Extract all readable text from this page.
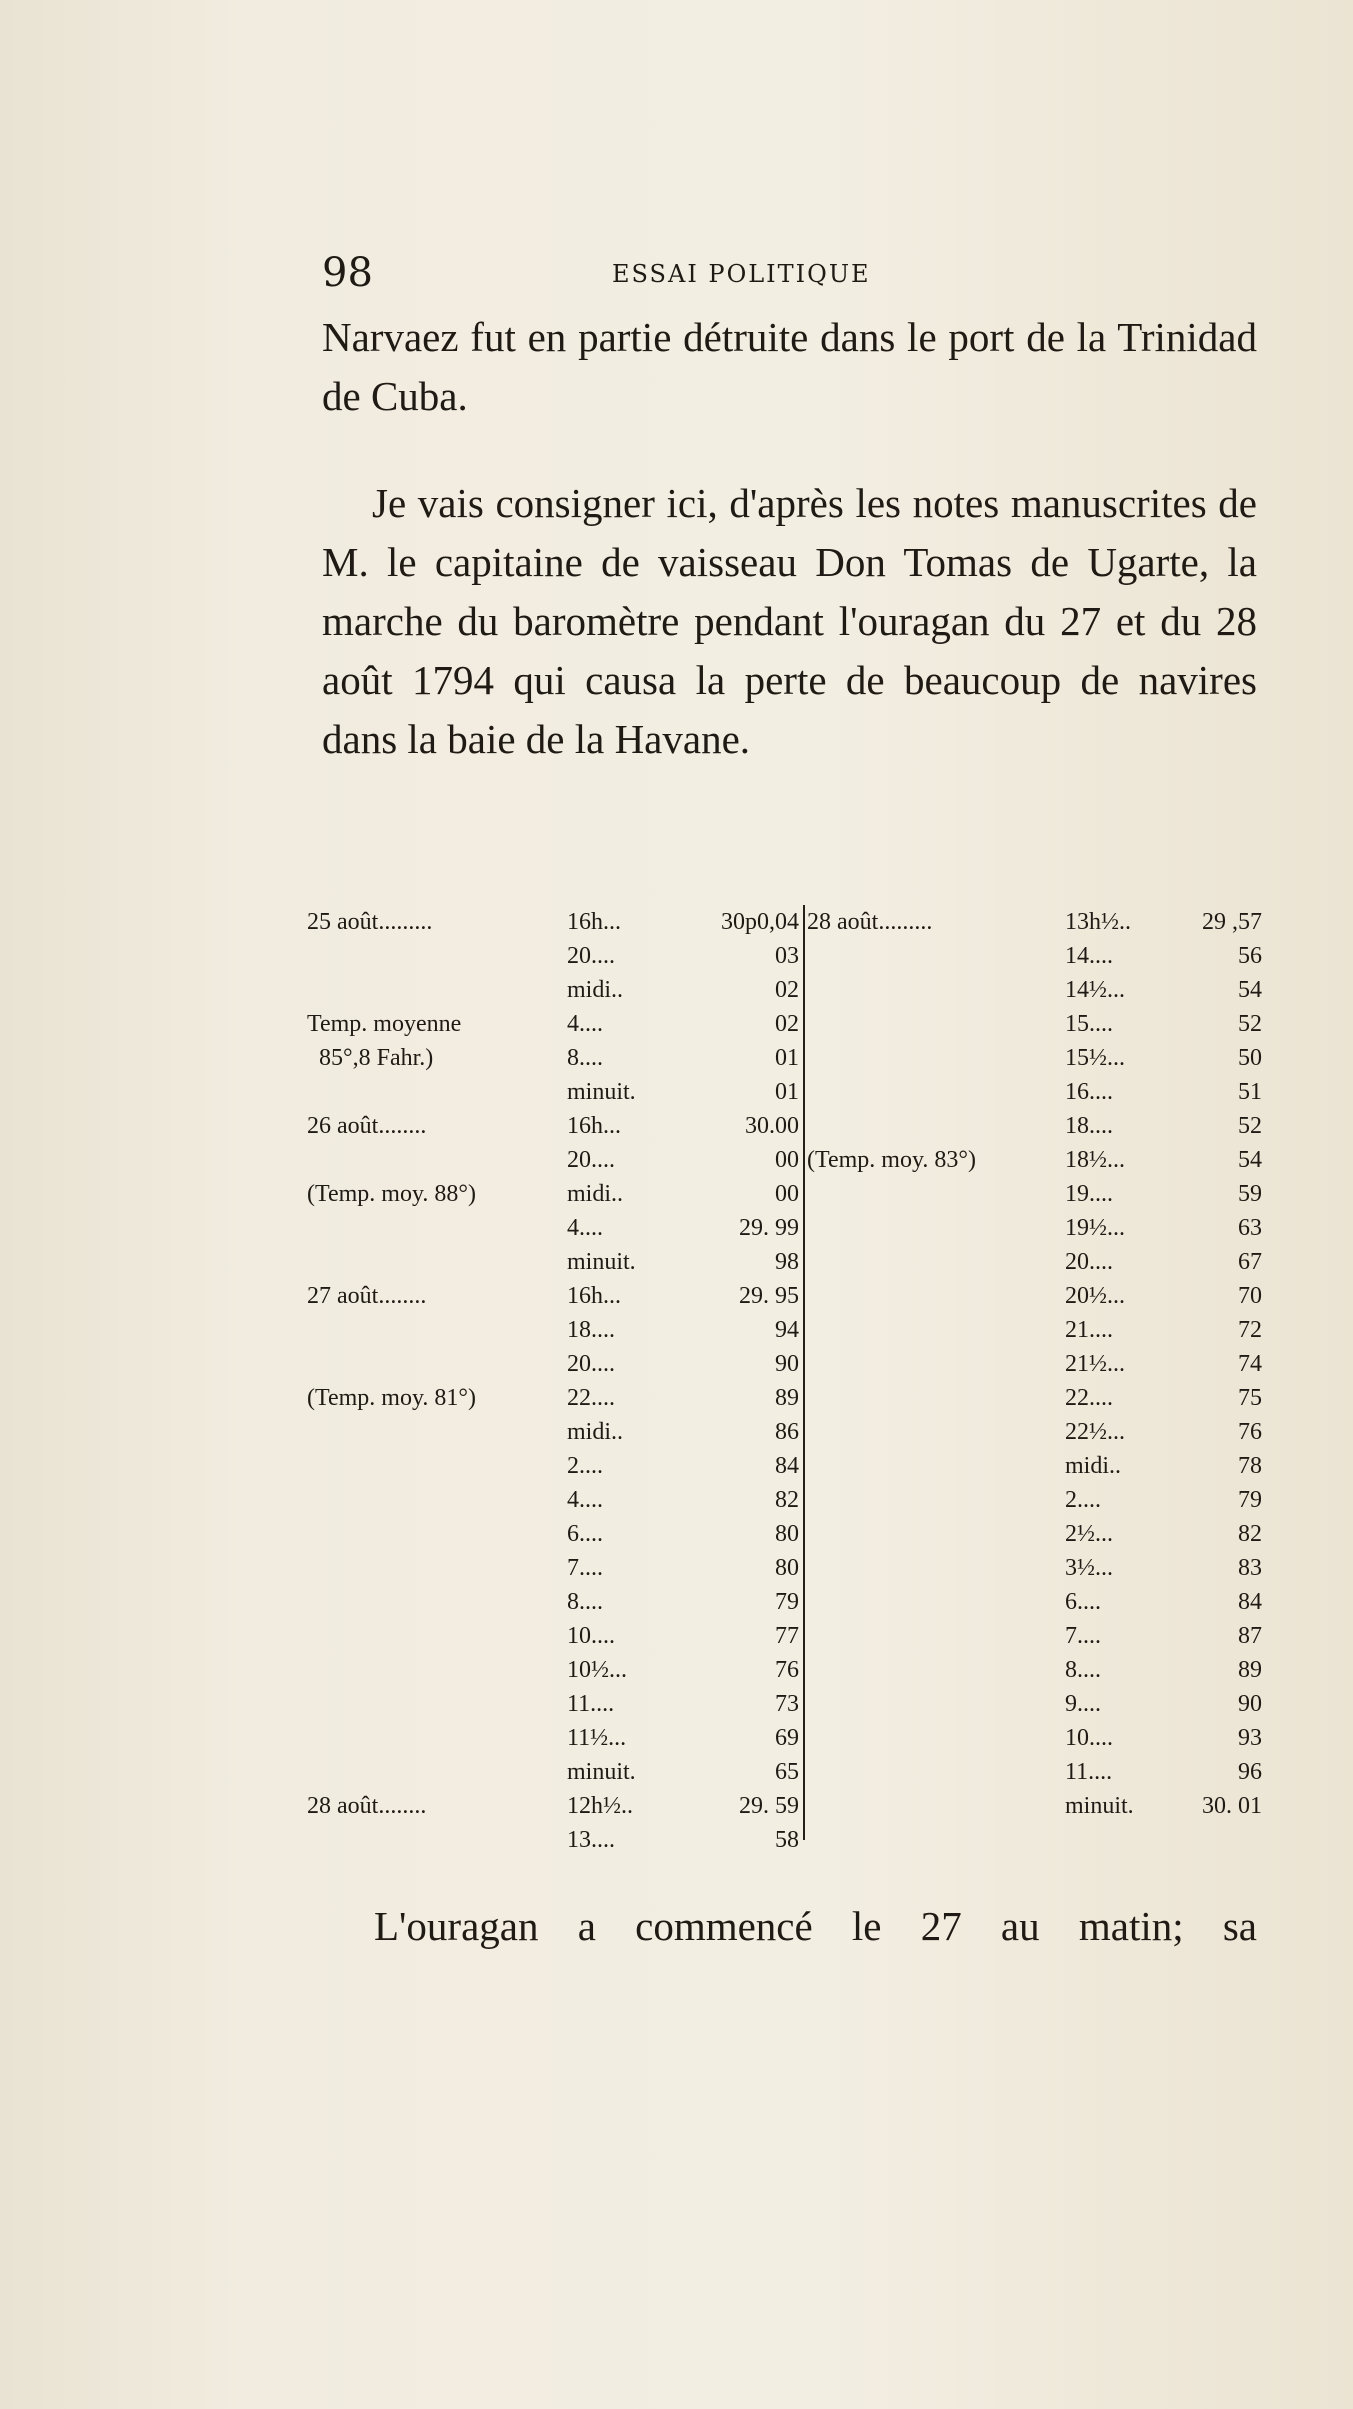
98	ESSAI POLITIQUE

Narvaez fut en partie détruite dans le port de la Trinidad de Cuba.

Je vais consigner ici, d'après les notes manuscrites de M. le capitaine de vaisseau Don Tomas de Ugarte, la marche du baromètre pendant l'ouragan du 27 et du 28 août 1794 qui causa la perte de beaucoup de navires dans la baie de la Havane.

25 août.........	16h...	30p0,04
20....	03
midi..	02
Temp. moyenne	4....	02
85°,8 Fahr.)	8....	01
minuit.	01
26 août........	16h...	30.00
20....	00
(Temp. moy. 88°)	midi..	00
4....	29. 99
minuit.	98
27 août........	16h...	29. 95
18....	94
20....	90
(Temp. moy. 81°)	22....	89
midi..	86
2....	84
4....	82
6....	80
7....	80
8....	79
10....	77
10½...	76
11....	73
11½...	69
minuit.	65
28 août........	12h½..	29. 59
13....	58
28 août.........	13h½..	29 ,57
14....	56
14½...	54
15....	52
15½...	50
16....	51
18....	52
(Temp. moy. 83°)	18½...	54
19....	59
19½...	63
20....	67
20½...	70
21....	72
21½...	74
22....	75
22½...	76
midi..	78
2....	79
2½...	82
3½...	83
6....	84
7....	87
8....	89
9....	90
10....	93
11....	96
minuit.	30. 01

L'ouragan a commencé le 27 au matin; sa
